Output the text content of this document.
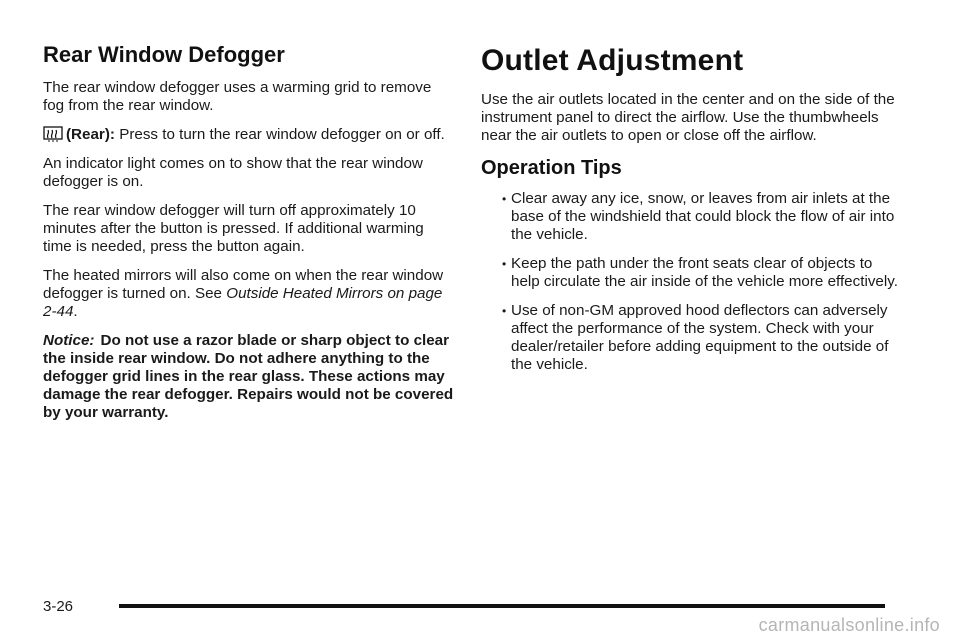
Rear Window Defogger

The rear window defogger uses a warming grid to remove fog from the rear window.

(Rear): Press to turn the rear window defogger on or off.

An indicator light comes on to show that the rear window defogger is on.

The rear window defogger will turn off approximately 10 minutes after the button is pressed. If additional warming time is needed, press the button again.

The heated mirrors will also come on when the rear window defogger is turned on. See Outside Heated Mirrors on page 2-44.

Notice: Do not use a razor blade or sharp object to clear the inside rear window. Do not adhere anything to the defogger grid lines in the rear glass. These actions may damage the rear defogger. Repairs would not be covered by your warranty.

Outlet Adjustment

Use the air outlets located in the center and on the side of the instrument panel to direct the airflow. Use the thumbwheels near the air outlets to open or close off the airflow.

Operation Tips
• Clear away any ice, snow, or leaves from air inlets at the base of the windshield that could block the flow of air into the vehicle.
• Keep the path under the front seats clear of objects to help circulate the air inside of the vehicle more effectively.
• Use of non-GM approved hood deflectors can adversely affect the performance of the system. Check with your dealer/retailer before adding equipment to the outside of the vehicle.
3-26
carmanualsonline.info
